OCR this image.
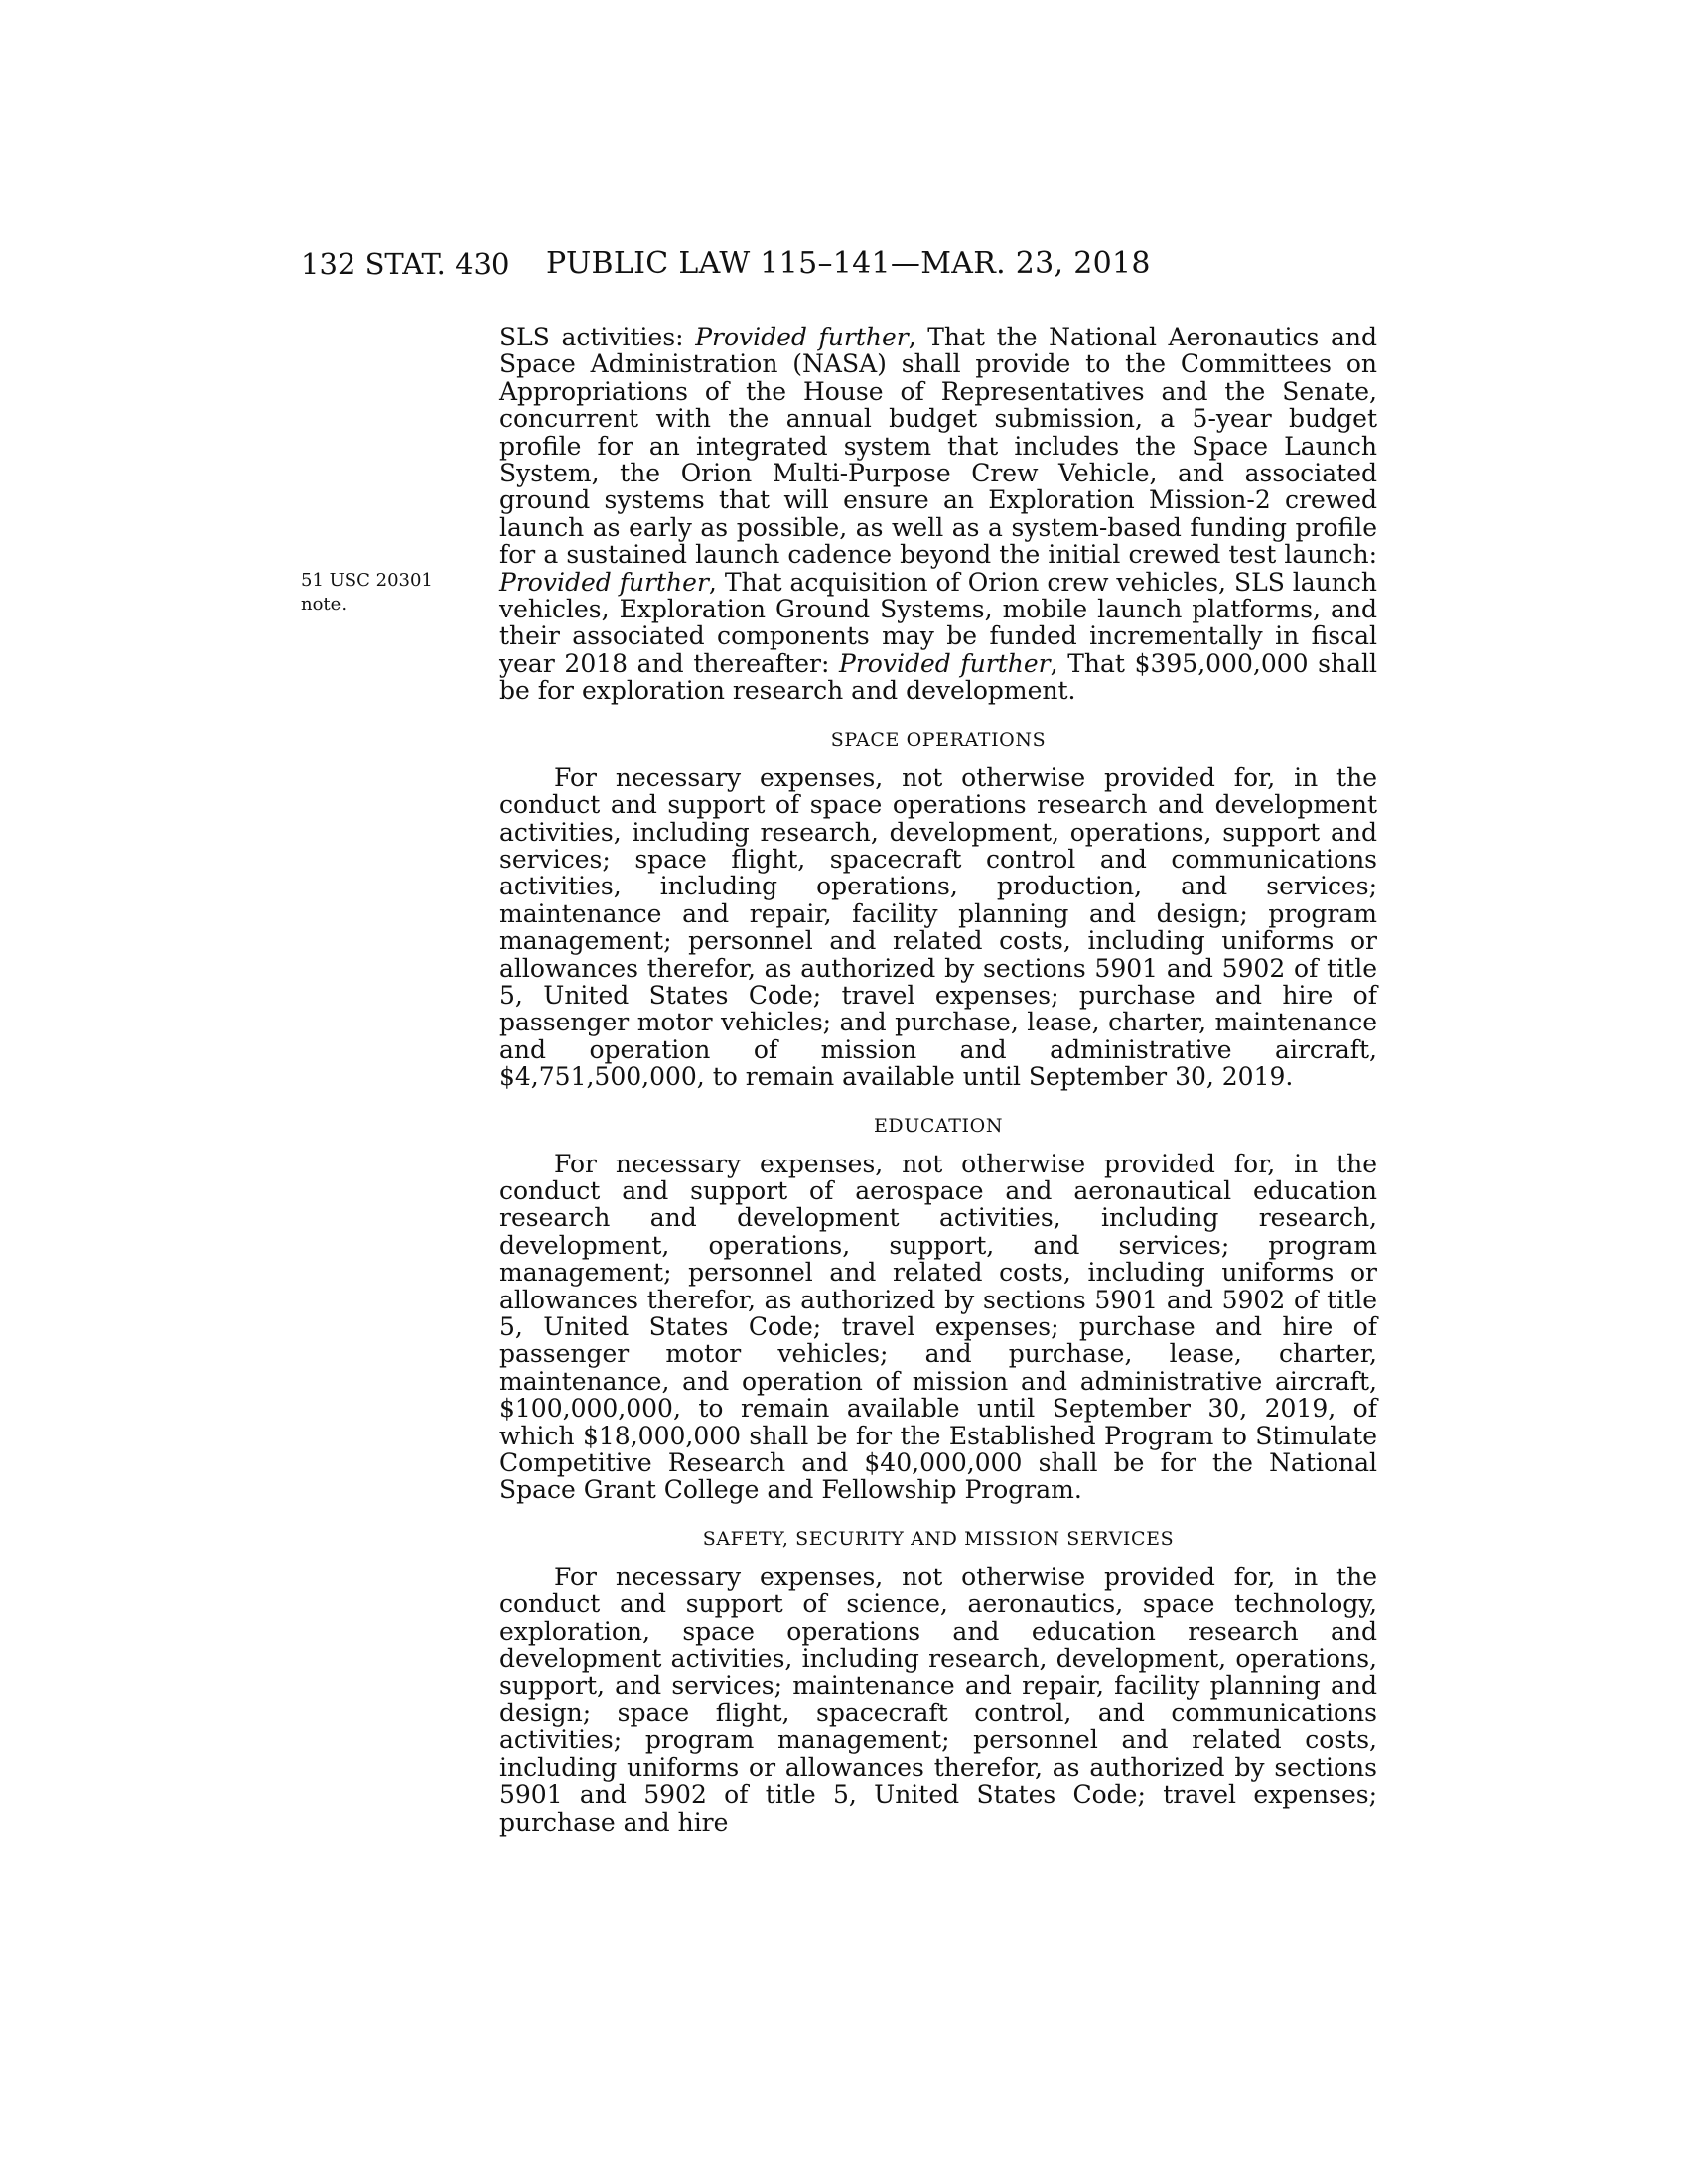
132 STAT. 430 PUBLIC LAW 115–141—MAR. 23, 2018
51 USC 20301
note.

SLS activities: Provided further, That the National Aeronautics and Space Administration (NASA) shall provide to the Committees on Appropriations of the House of Representatives and the Senate, concurrent with the annual budget submission, a 5-year budget profile for an integrated system that includes the Space Launch System, the Orion Multi-Purpose Crew Vehicle, and associated ground systems that will ensure an Exploration Mission-2 crewed launch as early as possible, as well as a system-based funding profile for a sustained launch cadence beyond the initial crewed test launch: Provided further, That acquisition of Orion crew vehicles, SLS launch vehicles, Exploration Ground Systems, mobile launch platforms, and their associated components may be funded incrementally in fiscal year 2018 and thereafter: Provided further, That $395,000,000 shall be for exploration research and development.

SPACE OPERATIONS

For necessary expenses, not otherwise provided for, in the conduct and support of space operations research and development activities, including research, development, operations, support and services; space flight, spacecraft control and communications activities, including operations, production, and services; maintenance and repair, facility planning and design; program management; personnel and related costs, including uniforms or allowances therefor, as authorized by sections 5901 and 5902 of title 5, United States Code; travel expenses; purchase and hire of passenger motor vehicles; and purchase, lease, charter, maintenance and operation of mission and administrative aircraft, $4,751,500,000, to remain available until September 30, 2019.

EDUCATION

For necessary expenses, not otherwise provided for, in the conduct and support of aerospace and aeronautical education research and development activities, including research, development, operations, support, and services; program management; personnel and related costs, including uniforms or allowances therefor, as authorized by sections 5901 and 5902 of title 5, United States Code; travel expenses; purchase and hire of passenger motor vehicles; and purchase, lease, charter, maintenance, and operation of mission and administrative aircraft, $100,000,000, to remain available until September 30, 2019, of which $18,000,000 shall be for the Established Program to Stimulate Competitive Research and $40,000,000 shall be for the National Space Grant College and Fellowship Program.

SAFETY, SECURITY AND MISSION SERVICES

For necessary expenses, not otherwise provided for, in the conduct and support of science, aeronautics, space technology, exploration, space operations and education research and development activities, including research, development, operations, support, and services; maintenance and repair, facility planning and design; space flight, spacecraft control, and communications activities; program management; personnel and related costs, including uniforms or allowances therefor, as authorized by sections 5901 and 5902 of title 5, United States Code; travel expenses; purchase and hire
